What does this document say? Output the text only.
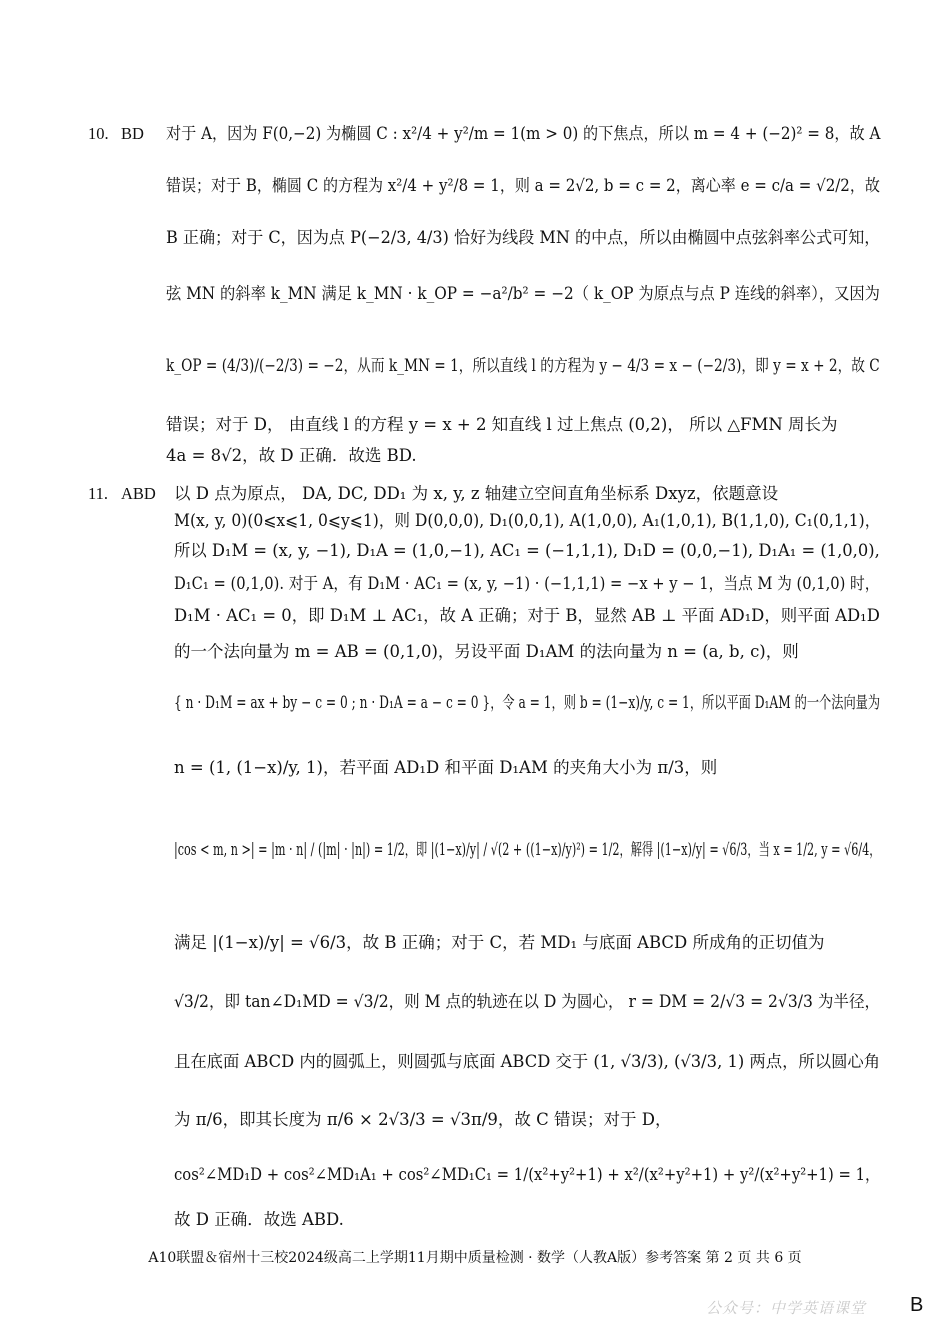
10. BD 对于 A，因为 F(0,−2) 为椭圆 C : x²/4 + y²/m = 1(m > 0) 的下焦点，所以 m = 4 + (−2)² = 8，故 A
错误；对于 B，椭圆 C 的方程为 x²/4 + y²/8 = 1，则 a = 2√2, b = c = 2，离心率 e = c/a = √2/2，故
B 正确；对于 C，因为点 P(−2/3, 4/3) 恰好为线段 MN 的中点，所以由椭圆中点弦斜率公式可知，
弦 MN 的斜率 k_MN 满足 k_MN · k_OP = −a²/b² = −2（ k_OP 为原点与点 P 连线的斜率），又因为
k_OP = (4/3)/(−2/3) = −2，从而 k_MN = 1，所以直线 l 的方程为 y − 4/3 = x − (−2/3)，即 y = x + 2，故 C
错误；对于 D， 由直线 l 的方程 y = x + 2 知直线 l 过上焦点 (0,2)， 所以 △FMN 周长为
4a = 8√2，故 D 正确．故选 BD.
11. ABD 以 D 点为原点， DA, DC, DD₁ 为 x, y, z 轴建立空间直角坐标系 Dxyz，依题意设
M(x, y, 0)(0⩽x⩽1, 0⩽y⩽1)，则 D(0,0,0), D₁(0,0,1), A(1,0,0), A₁(1,0,1), B(1,1,0), C₁(0,1,1)，
所以 D₁M = (x, y, −1), D₁A = (1,0,−1), AC₁ = (−1,1,1), D₁D = (0,0,−1), D₁A₁ = (1,0,0),
D₁C₁ = (0,1,0). 对于 A，有 D₁M · AC₁ = (x, y, −1) · (−1,1,1) = −x + y − 1，当点 M 为 (0,1,0) 时，
D₁M · AC₁ = 0，即 D₁M ⊥ AC₁，故 A 正确；对于 B，显然 AB ⊥ 平面 AD₁D，则平面 AD₁D
的一个法向量为 m = AB = (0,1,0)，另设平面 D₁AM 的法向量为 n = (a, b, c)，则
{ n · D₁M = ax + by − c = 0 ; n · D₁A = a − c = 0 }，令 a = 1，则 b = (1−x)/y, c = 1，所以平面 D₁AM 的一个法向量为
n = (1, (1−x)/y, 1)，若平面 AD₁D 和平面 D₁AM 的夹角大小为 π/3，则
|cos < m, n >| = |m · n| / (|m| · |n|) = 1/2，即 |(1−x)/y| / √(2 + ((1−x)/y)²) = 1/2，解得 |(1−x)/y| = √6/3，当 x = 1/2, y = √6/4，
满足 |(1−x)/y| = √6/3，故 B 正确；对于 C，若 MD₁ 与底面 ABCD 所成角的正切值为
√3/2，即 tan∠D₁MD = √3/2，则 M 点的轨迹在以 D 为圆心， r = DM = 2/√3 = 2√3/3 为半径，
且在底面 ABCD 内的圆弧上，则圆弧与底面 ABCD 交于 (1, √3/3), (√3/3, 1) 两点，所以圆心角
为 π/6，即其长度为 π/6 × 2√3/3 = √3π/9，故 C 错误；对于 D，
cos²∠MD₁D + cos²∠MD₁A₁ + cos²∠MD₁C₁ = 1/(x²+y²+1) + x²/(x²+y²+1) + y²/(x²+y²+1) = 1，
故 D 正确．故选 ABD.
A10联盟＆宿州十三校2024级高二上学期11月期中质量检测 · 数学（人教A版）参考答案 第 2 页 共 6 页
公众号：中学英语课堂 B
